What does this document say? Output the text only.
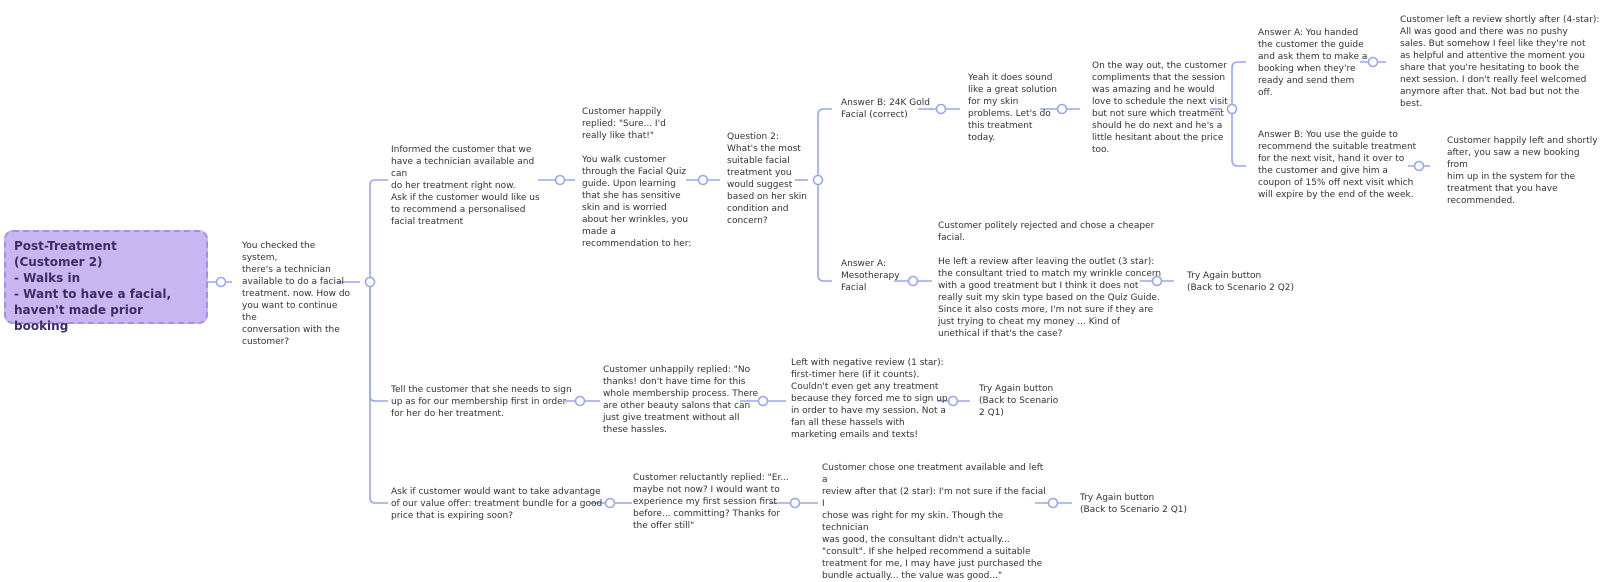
Post-Treatment
(Customer 2)
- Walks in
- Want to have a facial, haven't made prior booking
You checked the system,
there's a technician
available to do a facial
treatment. now. How do
you want to continue the
conversation with the
customer?
Informed the customer that we
have a technician available and can
do her treatment right now.
Ask if the customer would like us
to recommend a personalised
facial treatment
Customer happily
replied: "Sure... I'd
really like that!"

You walk customer
through the Facial Quiz
guide. Upon learning
that she has sensitive
skin and is worried
about her wrinkles, you
made a
recommendation to her:
Question 2:
What's the most
suitable facial
treatment you
would suggest
based on her skin
condition and
concern?
Answer B: 24K Gold
Facial (correct)
Yeah it does sound
like a great solution
for my skin
problems. Let's do
this treatment
today.
On the way out, the customer
compliments that the session
was amazing and he would
love to schedule the next visit
but not sure which treatment
should he do next and he's a
little hesitant about the price
too.
Answer A: You handed
the customer the guide
and ask them to make a
booking when they're
ready and send them
off.
Customer left a review shortly after (4-star):
All was good and there was no pushy
sales. But somehow I feel like they're not
as helpful and attentive the moment you
share that you're hesitating to book the
next session. I don't really feel welcomed
anymore after that. Not bad but not the
best.
Answer B: You use the guide to
recommend the suitable treatment
for the next visit, hand it over to
the customer and give him a
coupon of 15% off next visit which
will expire by the end of the week.
Customer happily left and shortly
after, you saw a new booking from
him up in the system for the
treatment that you have
recommended.
Answer A:
Mesotherapy
Facial
Customer politely rejected and chose a cheaper
facial.

He left a review after leaving the outlet (3 star):
the consultant tried to match my wrinkle concern
with a good treatment but I think it does not
really suit my skin type based on the Quiz Guide.
Since it also costs more, I'm not sure if they are
just trying to cheat my money ... Kind of
unethical if that's the case?
Try Again button
(Back to Scenario 2 Q2)
Tell the customer that she needs to sign
up as for our membership first in order
for her do her treatment.
Customer unhappily replied: "No
thanks! don't have time for this
whole membership process. There
are other beauty salons that can
just give treatment without all
these hassles.
Left with negative review (1 star):
first-timer here (if it counts).
Couldn't even get any treatment
because they forced me to sign up
in order to have my session. Not a
fan all these hassels with
marketing emails and texts!
Try Again button
(Back to Scenario
2 Q1)
Ask if customer would want to take advantage
of our value offer: treatment bundle for a good
price that is expiring soon?
Customer reluctantly replied: "Er...
maybe not now? I would want to
experience my first session first
before... committing? Thanks for
the offer still"
Customer chose one treatment available and left a
review after that (2 star): I'm not sure if the facial I
chose was right for my skin. Though the technician
was good, the consultant didn't actually...
"consult". If she helped recommend a suitable
treatment for me, I may have just purchased the
bundle actually... the value was good..."
Try Again button
(Back to Scenario 2 Q1)
